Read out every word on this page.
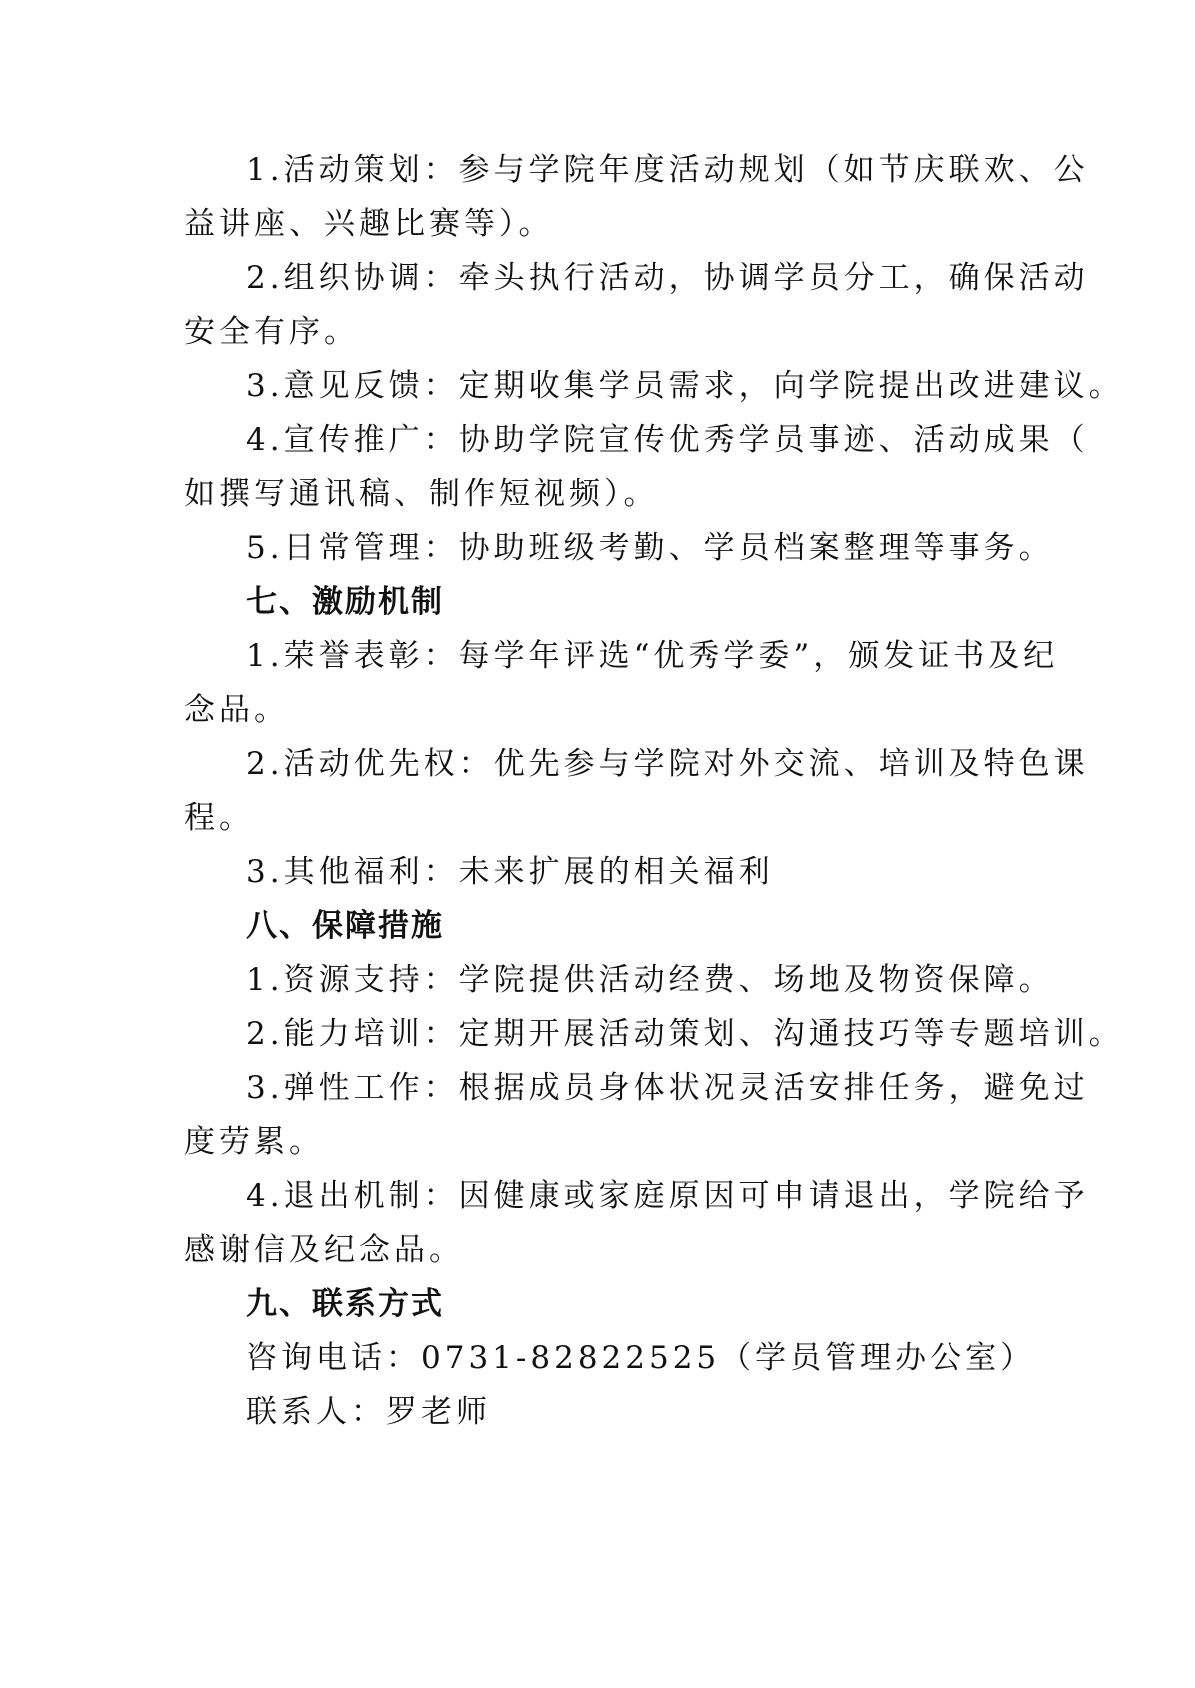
1.活动策划：参与学院年度活动规划（如节庆联欢、公
益讲座、兴趣比赛等）。
2.组织协调：牵头执行活动，协调学员分工，确保活动
安全有序。
3.意见反馈：定期收集学员需求，向学院提出改进建议。
4.宣传推广：协助学院宣传优秀学员事迹、活动成果（
如撰写通讯稿、制作短视频）。
5.日常管理：协助班级考勤、学员档案整理等事务。
七、激励机制
1.荣誉表彰：每学年评选“优秀学委”，颁发证书及纪
念品。
2.活动优先权：优先参与学院对外交流、培训及特色课
程。
3.其他福利：未来扩展的相关福利
八、保障措施
1.资源支持：学院提供活动经费、场地及物资保障。
2.能力培训：定期开展活动策划、沟通技巧等专题培训。
3.弹性工作：根据成员身体状况灵活安排任务，避免过
度劳累。
4.退出机制：因健康或家庭原因可申请退出，学院给予
感谢信及纪念品。
九、联系方式
咨询电话：0731-82822525（学员管理办公室）
联系人：罗老师
